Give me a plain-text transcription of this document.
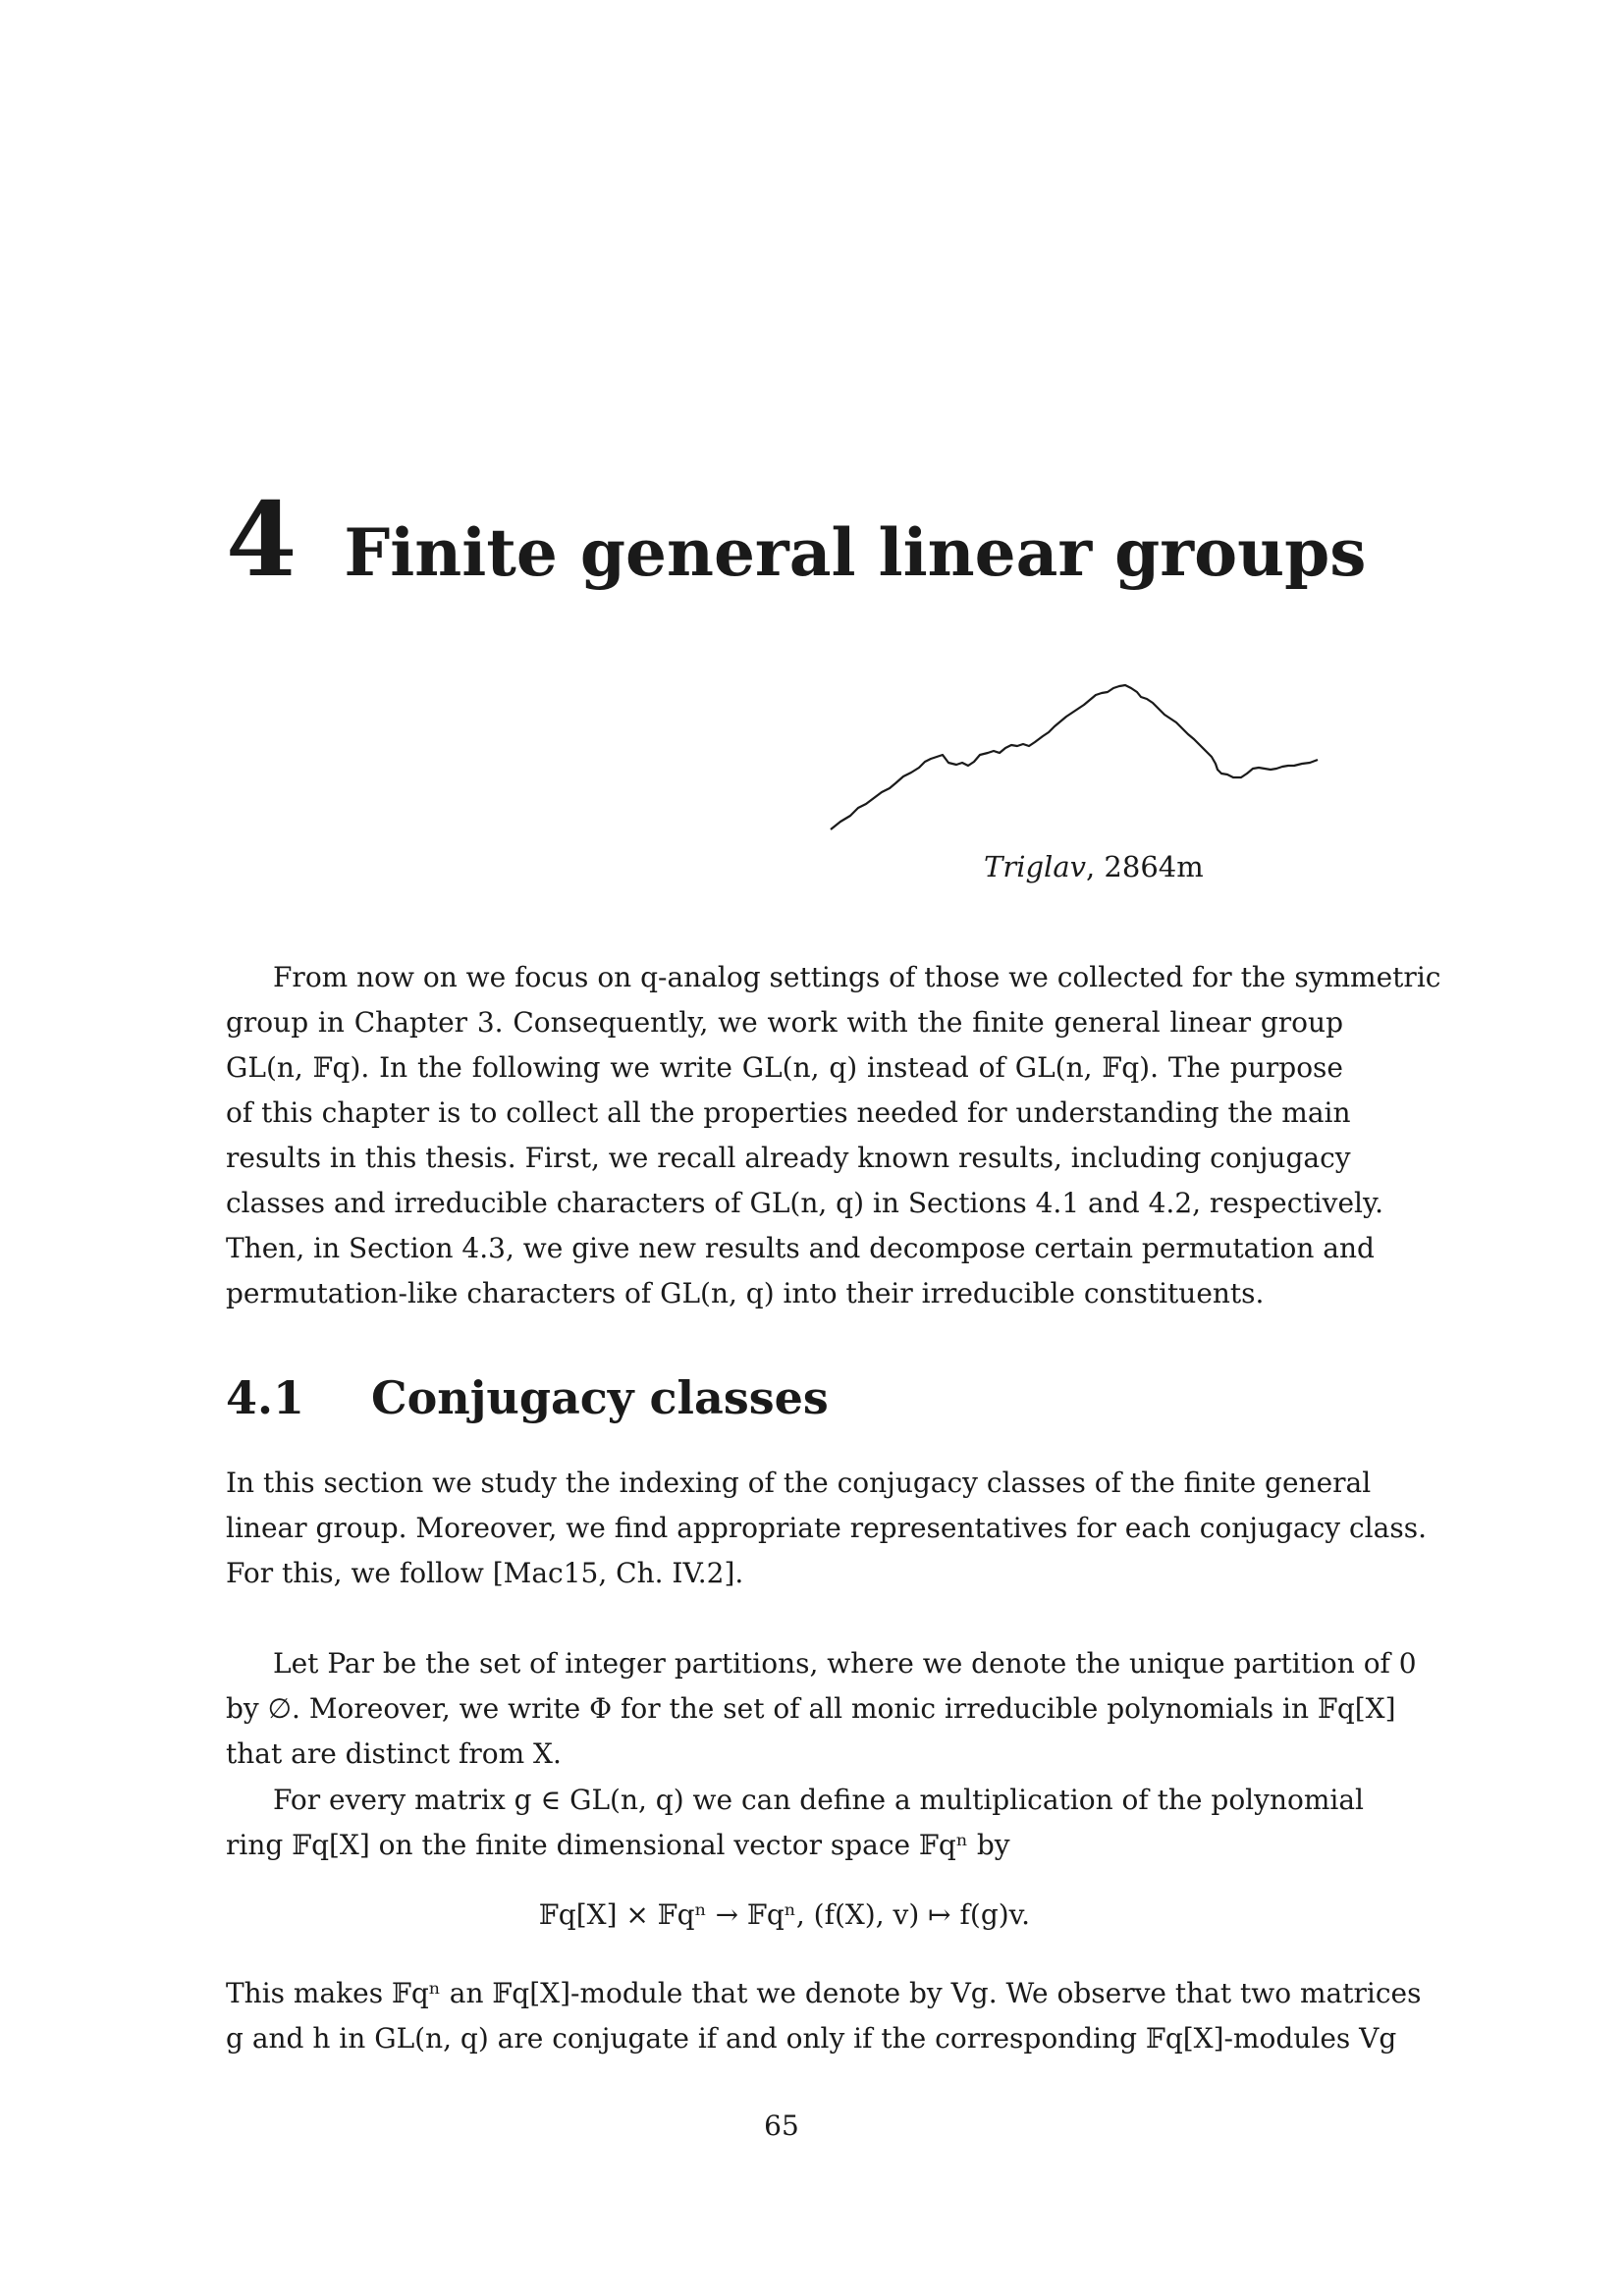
4 Finite general linear groups
Triglav, 2864m
From now on we focus on q-analog settings of those we collected for the symmetric
group in Chapter 3. Consequently, we work with the finite general linear group
GL(n, 𝔽q). In the following we write GL(n, q) instead of GL(n, 𝔽q). The purpose
of this chapter is to collect all the properties needed for understanding the main
results in this thesis. First, we recall already known results, including conjugacy
classes and irreducible characters of GL(n, q) in Sections 4.1 and 4.2, respectively.
Then, in Section 4.3, we give new results and decompose certain permutation and
permutation-like characters of GL(n, q) into their irreducible constituents.
4.1 Conjugacy classes
In this section we study the indexing of the conjugacy classes of the finite general
linear group. Moreover, we find appropriate representatives for each conjugacy class.
For this, we follow [Mac15, Ch. IV.2].
Let Par be the set of integer partitions, where we denote the unique partition of 0
by ∅. Moreover, we write Φ for the set of all monic irreducible polynomials in 𝔽q[X]
that are distinct from X.
For every matrix g ∈ GL(n, q) we can define a multiplication of the polynomial
ring 𝔽q[X] on the finite dimensional vector space 𝔽qⁿ by
𝔽q[X] × 𝔽qⁿ → 𝔽qⁿ, (f(X), v) ↦ f(g)v.
This makes 𝔽qⁿ an 𝔽q[X]-module that we denote by Vg. We observe that two matrices
g and h in GL(n, q) are conjugate if and only if the corresponding 𝔽q[X]-modules Vg
65
